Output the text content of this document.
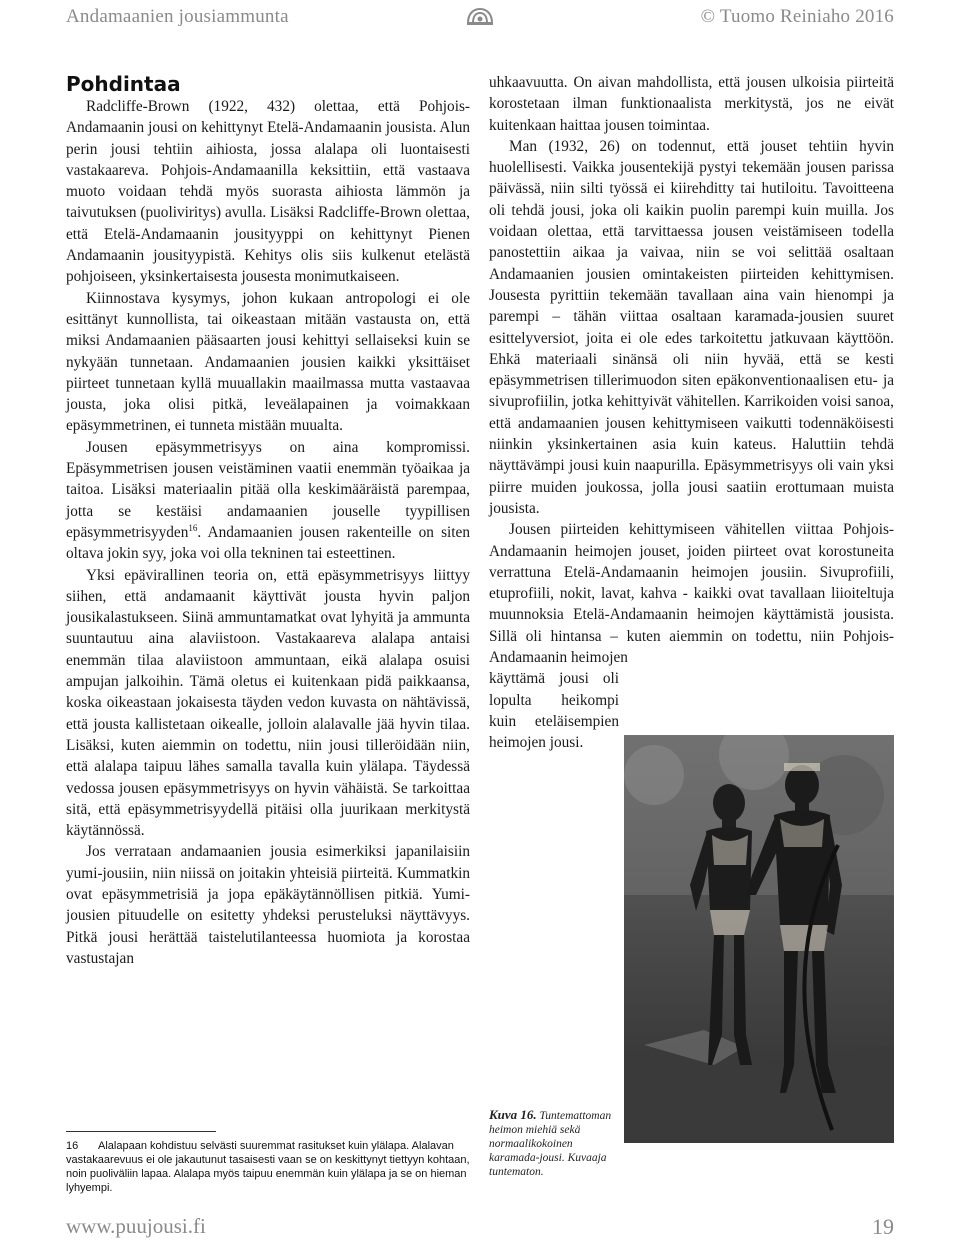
Andamaanien jousiammunta	© Tuomo Reiniaho 2016
Pohdintaa

Radcliffe-Brown (1922, 432) olettaa, että Pohjois-Andamaanin jousi on kehittynyt Etelä-Andamaanin jousista. Alun perin jousi tehtiin aihiosta, jossa alalapa oli luontaisesti vastakaareva. Pohjois-Andamaanilla keksittiin, että vastaava muoto voidaan tehdä myös suorasta aihiosta lämmön ja taivutuksen (puoliviritys) avulla. Lisäksi Radcliffe-Brown olettaa, että Etelä-Andamaanin jousityyppi on kehittynyt Pienen Andamaanin jousityypistä. Kehitys olis siis kulkenut etelästä pohjoiseen, yksinkertaisesta jousesta monimutkaiseen.

Kiinnostava kysymys, johon kukaan antropologi ei ole esittänyt kunnollista, tai oikeastaan mitään vastausta on, että miksi Andamaanien pääsaarten jousi kehittyi sellaiseksi kuin se nykyään tunnetaan. Andamaanien jousien kaikki yksittäiset piirteet tunnetaan kyllä muuallakin maailmassa mutta vastaavaa jousta, joka olisi pitkä, leveälapainen ja voimakkaan epäsymmetrinen, ei tunneta mistään muualta.

Jousen epäsymmetrisyys on aina kompromissi. Epäsymmetrisen jousen veistäminen vaatii enemmän työaikaa ja taitoa. Lisäksi materiaalin pitää olla keskimääräistä parempaa, jotta se kestäisi andamaanien jouselle tyypillisen epäsymmetrisyyden$^{16}$. Andamaanien jousen rakenteille on siten oltava jokin syy, joka voi olla tekninen tai esteettinen.

Yksi epävirallinen teoria on, että epäsymmetrisyys liittyy siihen, että andamaanit käyttivät jousta hyvin paljon jousikalastukseen. Siinä ammuntamatkat ovat lyhyitä ja ammunta suuntautuu aina alaviistoon. Vastakaareva alalapa antaisi enemmän tilaa alaviistoon ammuntaan, eikä alalapa osuisi ampujan jalkoihin. Tämä oletus ei kuitenkaan pidä paikkaansa, koska oikeastaan jokaisesta täyden vedon kuvasta on nähtävissä, että jousta kallistetaan oikealle, jolloin alalavalle jää hyvin tilaa. Lisäksi, kuten aiemmin on todettu, niin jousi tilleröidään niin, että alalapa taipuu lähes samalla tavalla kuin ylälapa. Täydessä vedossa jousen epäsymmetrisyys on hyvin vähäistä. Se tarkoittaa sitä, että epäsymmetrisyydellä pitäisi olla juurikaan merkitystä käytännössä.

Jos verrataan andamaanien jousia esimerkiksi japanilaisiin yumi-jousiin, niin niissä on joitakin yhteisiä piirteitä. Kummatkin ovat epäsymmetrisiä ja jopa epäkäytännöllisen pitkiä. Yumi-jousien pituudelle on esitetty yhdeksi perusteluksi näyttävyys. Pitkä jousi herättää taistelutilanteessa huomiota ja korostaa vastustajan

uhkaavuutta. On aivan mahdollista, että jousen ulkoisia piirteitä korostetaan ilman funktionaalista merkitystä, jos ne eivät kuitenkaan haittaa jousen toimintaa.

Man (1932, 26) on todennut, että jouset tehtiin hyvin huolellisesti. Vaikka jousentekijä pystyi tekemään jousen parissa päivässä, niin silti työssä ei kiirehditty tai hutiloitu. Tavoitteena oli tehdä jousi, joka oli kaikin puolin parempi kuin muilla. Jos voidaan olettaa, että tarvittaessa jousen veistämiseen todella panostettiin aikaa ja vaivaa, niin se voi selittää osaltaan Andamaanien jousien omintakeisten piirteiden kehittymisen. Jousesta pyrittiin tekemään tavallaan aina vain hienompi ja parempi – tähän viittaa osaltaan karamada-jousien suuret esittelyversiot, joita ei ole edes tarkoitettu jatkuvaan käyttöön. Ehkä materiaali sinänsä oli niin hyvää, että se kesti epäsymmetrisen tillerimuodon siten epäkonventionaalisen etu- ja sivuprofiilin, jotka kehittyivät vähitellen. Karrikoiden voisi sanoa, että andamaanien jousen kehittymiseen vaikutti todennäköisesti niinkin yksinkertainen asia kuin kateus. Haluttiin tehdä näyttävämpi jousi kuin naapurilla. Epäsymmetrisyys oli vain yksi piirre muiden joukossa, jolla jousi saatiin erottumaan muista jousista.

Jousen piirteiden kehittymiseen vähitellen viittaa Pohjois-Andamaanin heimojen jouset, joiden piirteet ovat korostuneita verrattuna Etelä-Andamaanin heimojen jousiin. Sivuprofiili, etuprofiili, nokit, lavat, kahva - kaikki ovat tavallaan liioiteltuja muunnoksia Etelä-Andamaanin heimojen käyttämistä jousista. Sillä oli hintansa – kuten aiemmin on todettu, niin Pohjois-Andamaanin heimojen

käyttämä jousi oli lopulta heikompi kuin eteläisempien heimojen jousi.

Kuva 16. Tuntemattoman heimon miehiä sekä normaalikokoinen karamada-jousi. Kuvaaja tuntematon.
16 Alalapaan kohdistuu selvästi suuremmat rasitukset kuin ylälapa. Alalavan vastakaarevuus ei ole jakautunut tasaisesti vaan se on keskittynyt tiettyyn kohtaan, noin puoliväliin lapaa. Alalapa myös taipuu enemmän kuin ylälapa ja se on hieman lyhyempi.
www.puujousi.fi	19
